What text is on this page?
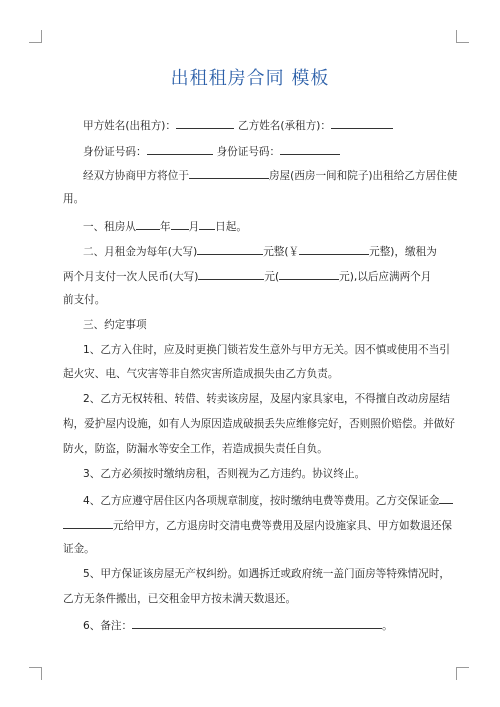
出租租房合同 模板
甲方姓名(出租方)：	乙方姓名(承租方)：
身份证号码：	身份证号码：
经双方协商甲方将位于	房屋(西房一间和院子)出租给乙方居住使
用。
一、租房从 年 月 日起。
二、月租金为每年(大写)	元整(￥	元整)，缴租为
两个月支付一次人民币(大写)	元(	元),以后应满两个月
前支付。
三、约定事项
1、乙方入住时，应及时更换门锁若发生意外与甲方无关。因不慎或使用不当引
起火灾、电、气灾害等非自然灾害所造成损失由乙方负责。
2、乙方无权转租、转借、转卖该房屋，及屋内家具家电，不得擅自改动房屋结
构，爱护屋内设施，如有人为原因造成破损丢失应维修完好，否则照价赔偿。并做好
防火，防盗，防漏水等安全工作，若造成损失责任自负。
3、乙方必须按时缴纳房租，否则视为乙方违约。协议终止。
4、乙方应遵守居住区内各项规章制度，按时缴纳电费等费用。乙方交保证金
元给甲方，乙方退房时交清电费等费用及屋内设施家具、甲方如数退还保
证金。
5、甲方保证该房屋无产权纠纷。如遇拆迁或政府统一盖门面房等特殊情况时，
乙方无条件搬出，已交租金甲方按未满天数退还。
6、备注：	。
